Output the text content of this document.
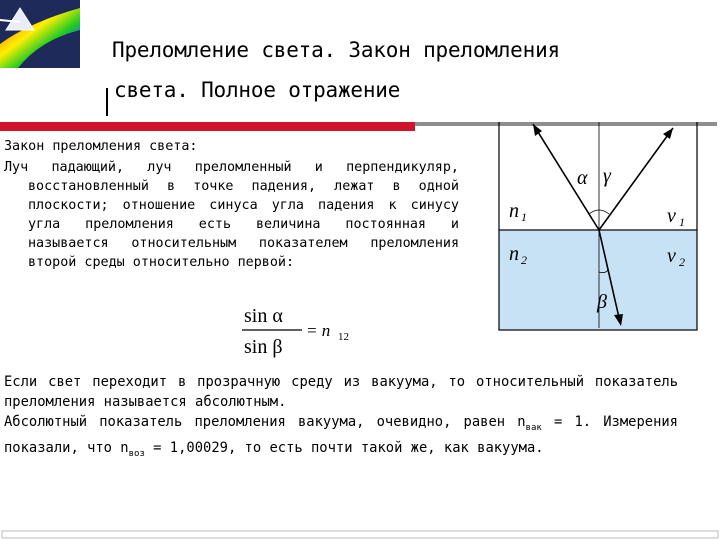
Преломление света. Закон преломления
света. Полное отражение
Закон преломления света:

Луч падающий, луч преломленный и перпендикуляр, восстановленный в точке падения, лежат в одной плоскости; отношение синуса угла падения к синусу угла преломления есть величина постоянная и называется относительным показателем преломления второй среды относительно первой:

sin α
sin β
= n 12
α γ
β
n 1
n 2
v 1
v 2

Если свет переходит в прозрачную среду из вакуума, то относительный показатель преломления называется абсолютным.

Абсолютный показатель преломления вакуума, очевидно, равен $n_{вак} = 1$. Измерения показали, что $n_{воз} = 1,00029$, то есть почти такой же, как вакуума.
